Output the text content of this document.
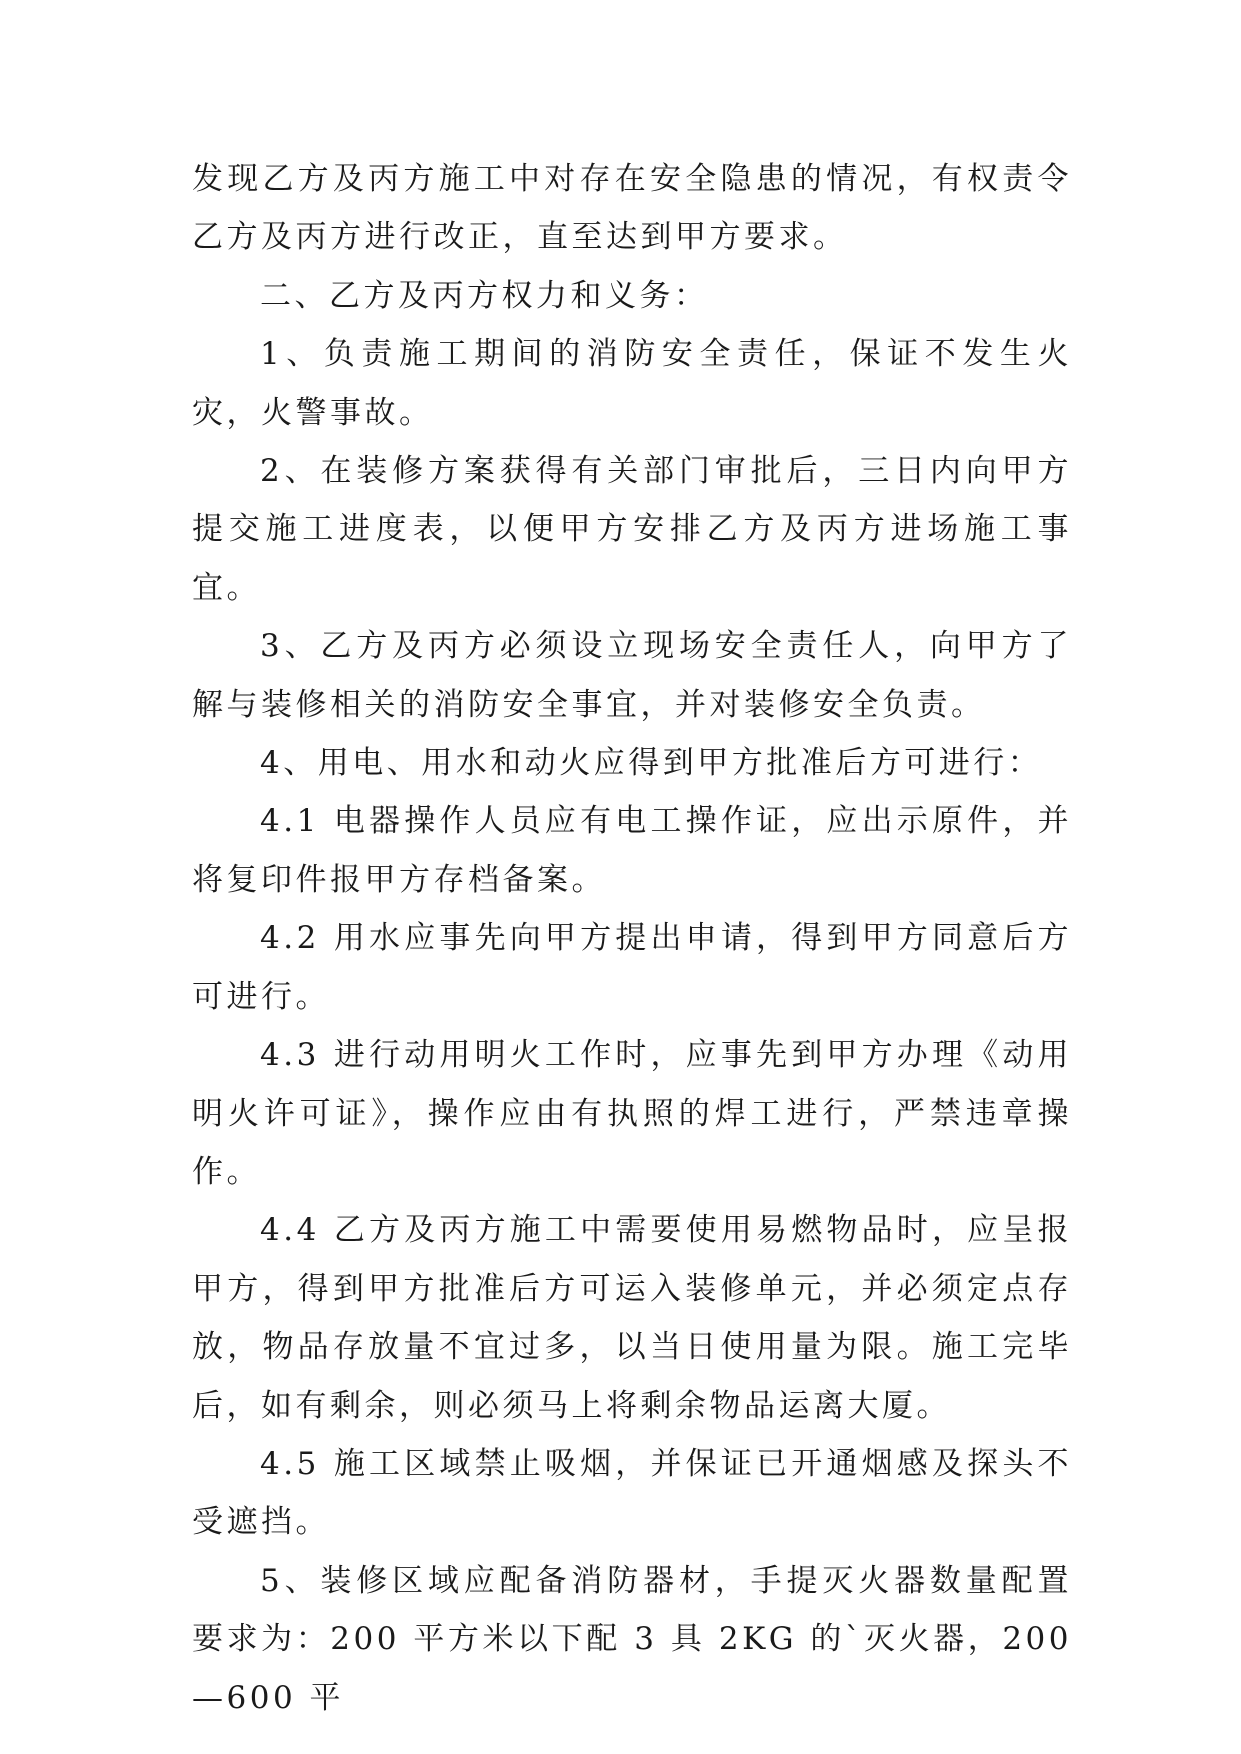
发现乙方及丙方施工中对存在安全隐患的情况，有权责令乙方及丙方进行改正，直至达到甲方要求。

二、乙方及丙方权力和义务：

1、负责施工期间的消防安全责任，保证不发生火灾，火警事故。

2、在装修方案获得有关部门审批后，三日内向甲方提交施工进度表，以便甲方安排乙方及丙方进场施工事宜。

3、乙方及丙方必须设立现场安全责任人，向甲方了解与装修相关的消防安全事宜，并对装修安全负责。

4、用电、用水和动火应得到甲方批准后方可进行：

4.1 电器操作人员应有电工操作证，应出示原件，并将复印件报甲方存档备案。

4.2 用水应事先向甲方提出申请，得到甲方同意后方可进行。

4.3 进行动用明火工作时，应事先到甲方办理《动用明火许可证》，操作应由有执照的焊工进行，严禁违章操作。

4.4 乙方及丙方施工中需要使用易燃物品时，应呈报甲方，得到甲方批准后方可运入装修单元，并必须定点存放，物品存放量不宜过多，以当日使用量为限。施工完毕后，如有剩余，则必须马上将剩余物品运离大厦。

4.5 施工区域禁止吸烟，并保证已开通烟感及探头不受遮挡。

5、装修区域应配备消防器材，手提灭火器数量配置要求为：200 平方米以下配 3 具 2KG 的`灭火器，200—600 平
